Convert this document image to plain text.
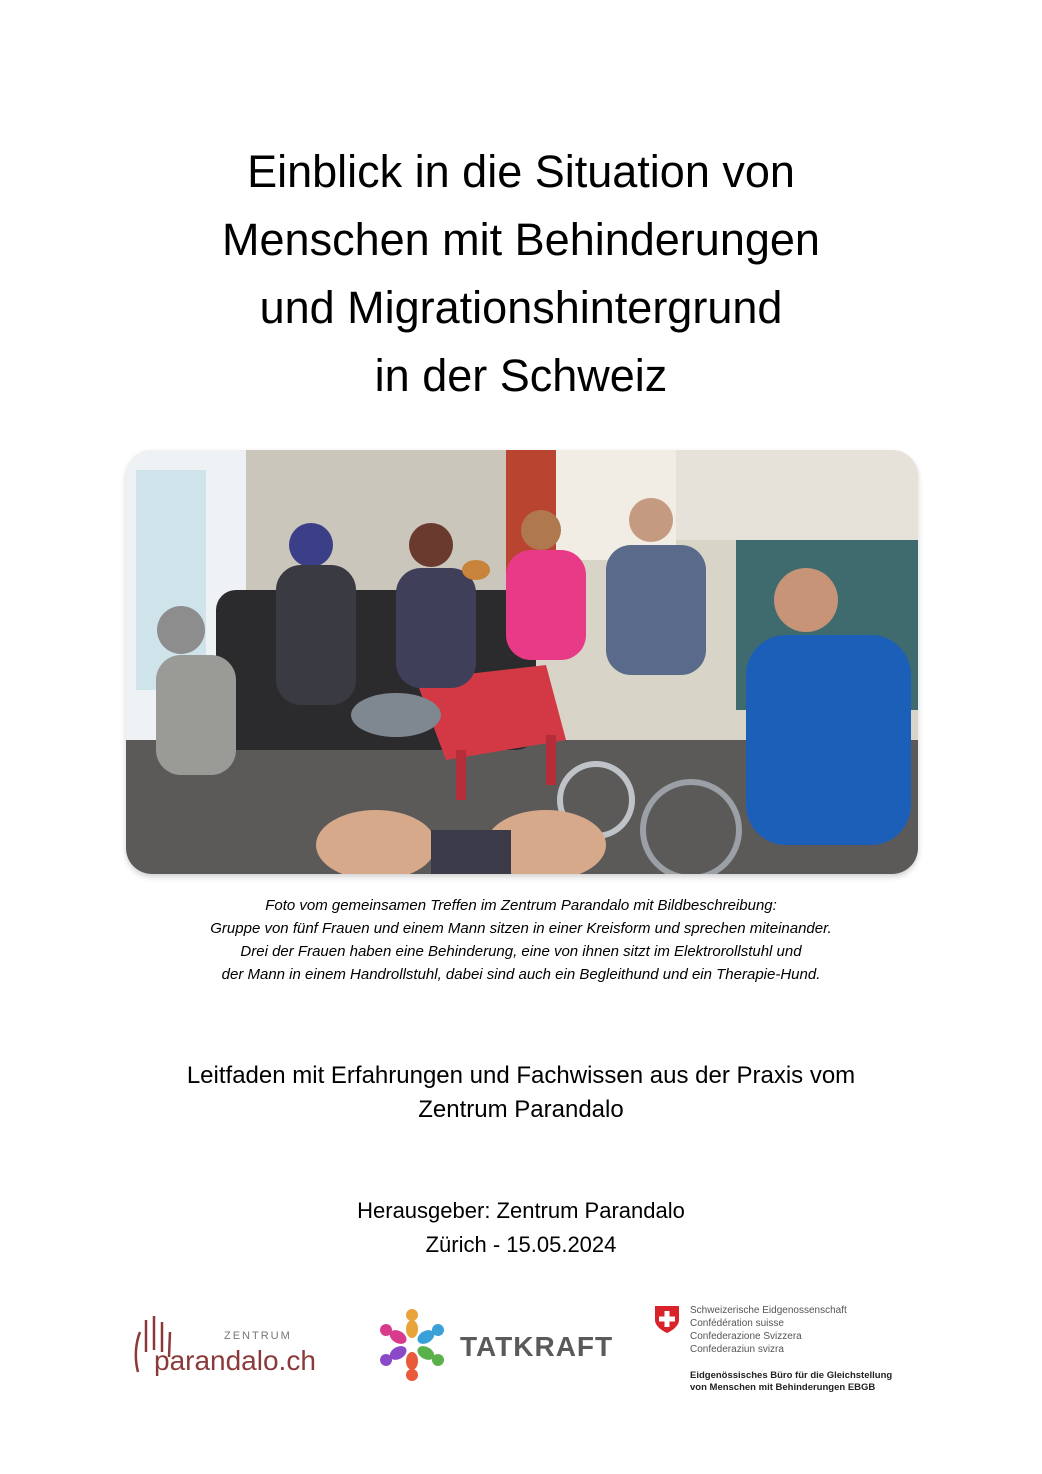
Einblick in die Situation von
Menschen mit Behinderungen
und Migrationshintergrund
in der Schweiz
Foto vom gemeinsamen Treffen im Zentrum Parandalo mit Bildbeschreibung:
Gruppe von fünf Frauen und einem Mann sitzen in einer Kreisform und sprechen miteinander.
Drei der Frauen haben eine Behinderung, eine von ihnen sitzt im Elektrorollstuhl und
der Mann in einem Handrollstuhl, dabei sind auch ein Begleithund und ein Therapie-Hund.
Leitfaden mit Erfahrungen und Fachwissen aus der Praxis vom
Zentrum Parandalo
Herausgeber: Zentrum Parandalo
Zürich - 15.05.2024
ZENTRUM
parandalo.ch	TATKRAFT
Schweizerische Eidgenossenschaft
Confédération suisse
Confederazione Svizzera
Confederaziun svizra
Eidgenössisches Büro für die Gleichstellung
von Menschen mit Behinderungen EBGB
